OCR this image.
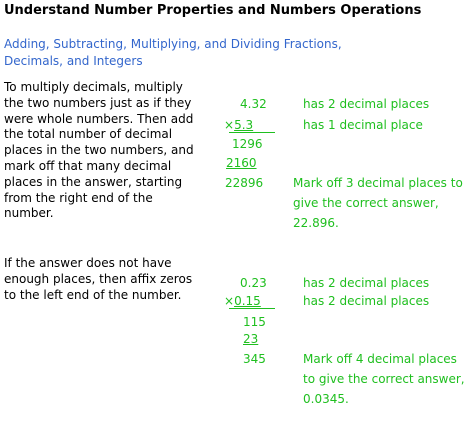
Understand Number Properties and Numbers Operations
Adding, Subtracting, Multiplying, and Dividing Fractions, Decimals, and Integers
To multiply decimals, multiply the two numbers just as if they were whole numbers. Then add the total number of decimal places in the two numbers, and mark off that many decimal places in the answer, starting from the right end of the number.
4.32
×5.3
1296
2160
22896
has 2 decimal places
has 1 decimal place
Mark off 3 decimal places to give the correct answer, 22.896.
If the answer does not have enough places, then affix zeros to the left end of the number.
0.23
×0.15
115
23
345
has 2 decimal places
has 2 decimal places
Mark off 4 decimal places to give the correct answer, 0.0345.
